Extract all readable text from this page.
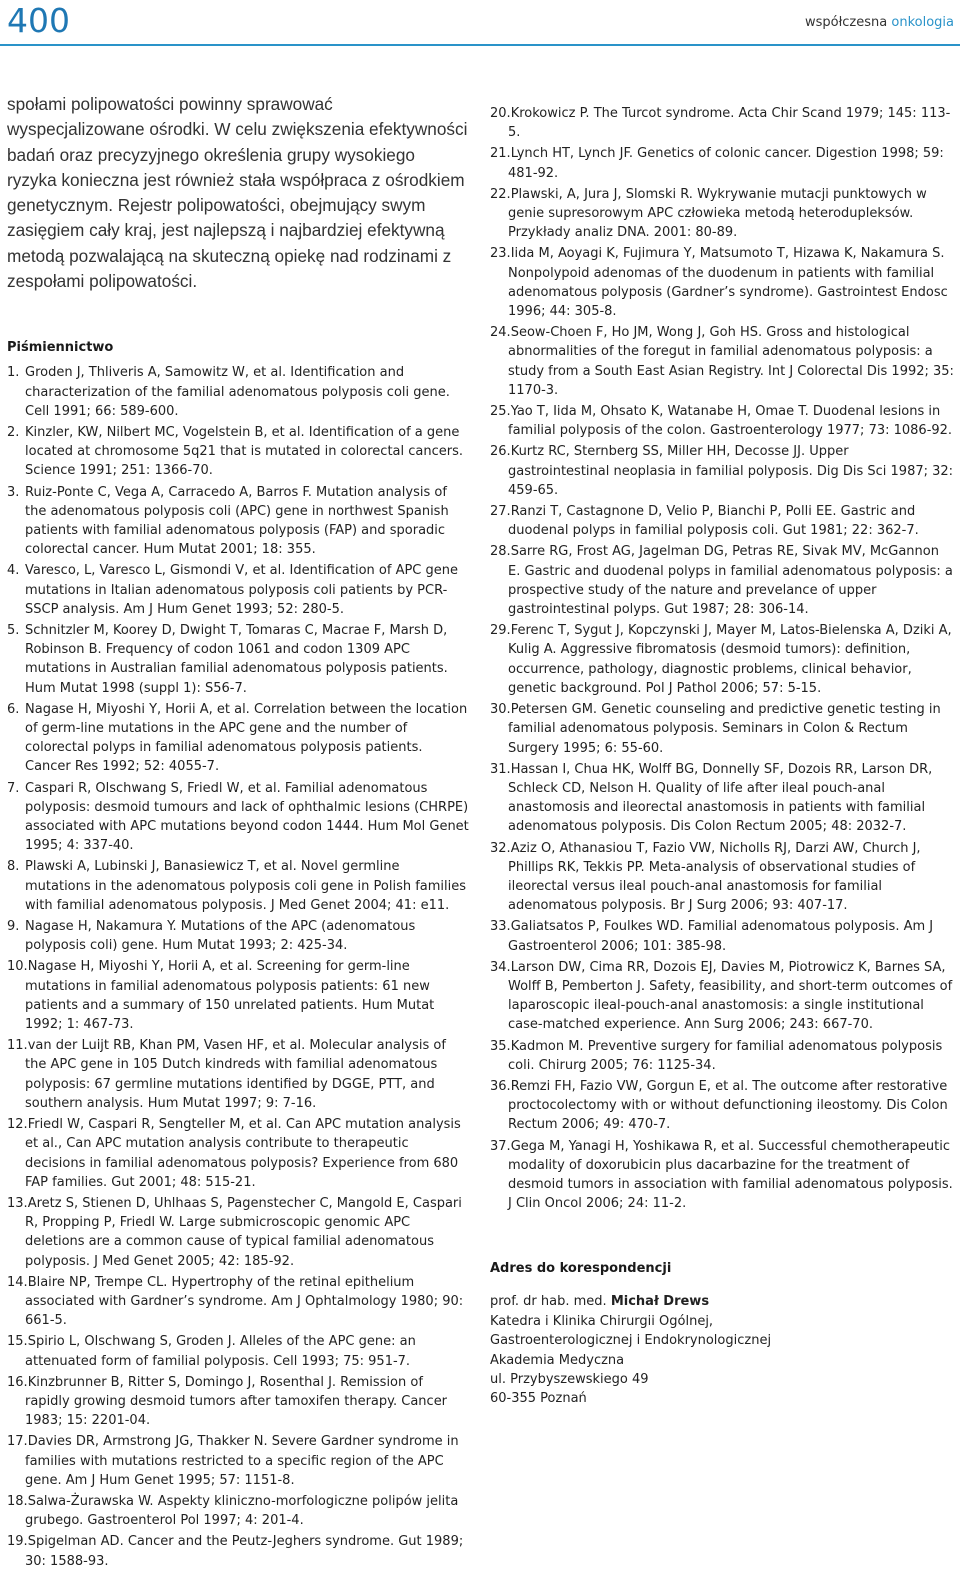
400	współczesna onkologia

społami polipowatości powinny sprawować wyspecjalizowane ośrodki. W celu zwiększenia efektywności badań oraz precyzyjnego określenia grupy wysokiego ryzyka konieczna jest również stała współpraca z ośrodkiem genetycznym. Rejestr polipowatości, obejmujący swym zasięgiem cały kraj, jest najlepszą i najbardziej efektywną metodą pozwalającą na skuteczną opiekę nad rodzinami z zespołami polipowatości.

Piśmiennictwo
1. Groden J, Thliveris A, Samowitz W, et al. Identification and characterization of the familial adenomatous polyposis coli gene. Cell 1991; 66: 589-600.
2. Kinzler, KW, Nilbert MC, Vogelstein B, et al. Identification of a gene located at chromosome 5q21 that is mutated in colorectal cancers. Science 1991; 251: 1366-70.
3. Ruiz-Ponte C, Vega A, Carracedo A, Barros F. Mutation analysis of the adenomatous polyposis coli (APC) gene in northwest Spanish patients with familial adenomatous polyposis (FAP) and sporadic colorectal cancer. Hum Mutat 2001; 18: 355.
4. Varesco, L, Varesco L, Gismondi V, et al. Identification of APC gene mutations in Italian adenomatous polyposis coli patients by PCR-SSCP analysis. Am J Hum Genet 1993; 52: 280-5.
5. Schnitzler M, Koorey D, Dwight T, Tomaras C, Macrae F, Marsh D, Robinson B. Frequency of codon 1061 and codon 1309 APC mutations in Australian familial adenomatous polyposis patients. Hum Mutat 1998 (suppl 1): S56-7.
6. Nagase H, Miyoshi Y, Horii A, et al. Correlation between the location of germ-line mutations in the APC gene and the number of colorectal polyps in familial adenomatous polyposis patients. Cancer Res 1992; 52: 4055-7.
7. Caspari R, Olschwang S, Friedl W, et al. Familial adenomatous polyposis: desmoid tumours and lack of ophthalmic lesions (CHRPE) associated with APC mutations beyond codon 1444. Hum Mol Genet 1995; 4: 337-40.
8. Plawski A, Lubinski J, Banasiewicz T, et al. Novel germline mutations in the adenomatous polyposis coli gene in Polish families with familial adenomatous polyposis. J Med Genet 2004; 41: e11.
9. Nagase H, Nakamura Y. Mutations of the APC (adenomatous polyposis coli) gene. Hum Mutat 1993; 2: 425-34.
10.Nagase H, Miyoshi Y, Horii A, et al. Screening for germ-line mutations in familial adenomatous polyposis patients: 61 new patients and a summary of 150 unrelated patients. Hum Mutat 1992; 1: 467-73.
11.van der Luijt RB, Khan PM, Vasen HF, et al. Molecular analysis of the APC gene in 105 Dutch kindreds with familial adenomatous polyposis: 67 germline mutations identified by DGGE, PTT, and southern analysis. Hum Mutat 1997; 9: 7-16.
12.Friedl W, Caspari R, Sengteller M, et al. Can APC mutation analysis et al., Can APC mutation analysis contribute to therapeutic decisions in familial adenomatous polyposis? Experience from 680 FAP families. Gut 2001; 48: 515-21.
13.Aretz S, Stienen D, Uhlhaas S, Pagenstecher C, Mangold E, Caspari R, Propping P, Friedl W. Large submicroscopic genomic APC deletions are a common cause of typical familial adenomatous polyposis. J Med Genet 2005; 42: 185-92.
14.Blaire NP, Trempe CL. Hypertrophy of the retinal epithelium associated with Gardner’s syndrome. Am J Ophtalmology 1980; 90: 661-5.
15.Spirio L, Olschwang S, Groden J. Alleles of the APC gene: an attenuated form of familial polyposis. Cell 1993; 75: 951-7.
16.Kinzbrunner B, Ritter S, Domingo J, Rosenthal J. Remission of rapidly growing desmoid tumors after tamoxifen therapy. Cancer 1983; 15: 2201-04.
17.Davies DR, Armstrong JG, Thakker N. Severe Gardner syndrome in families with mutations restricted to a specific region of the APC gene. Am J Hum Genet 1995; 57: 1151-8.
18.Salwa-Żurawska W. Aspekty kliniczno-morfologiczne polipów jelita grubego. Gastroenterol Pol 1997; 4: 201-4.
19.Spigelman AD. Cancer and the Peutz-Jeghers syndrome. Gut 1989; 30: 1588-93.
20.Krokowicz P. The Turcot syndrome. Acta Chir Scand 1979; 145: 113-5.
21.Lynch HT, Lynch JF. Genetics of colonic cancer. Digestion 1998; 59: 481-92.
22.Plawski, A, Jura J, Slomski R. Wykrywanie mutacji punktowych w genie supresorowym APC człowieka metodą heterodupleksów. Przykłady analiz DNA. 2001: 80-89.
23.Iida M, Aoyagi K, Fujimura Y, Matsumoto T, Hizawa K, Nakamura S. Nonpolypoid adenomas of the duodenum in patients with familial adenomatous polyposis (Gardner’s syndrome). Gastrointest Endosc 1996; 44: 305-8.
24.Seow-Choen F, Ho JM, Wong J, Goh HS. Gross and histological abnormalities of the foregut in familial adenomatous polyposis: a study from a South East Asian Registry. Int J Colorectal Dis 1992; 35: 1170-3.
25.Yao T, Iida M, Ohsato K, Watanabe H, Omae T. Duodenal lesions in familial polyposis of the colon. Gastroenterology 1977; 73: 1086-92.
26.Kurtz RC, Sternberg SS, Miller HH, Decosse JJ. Upper gastrointestinal neoplasia in familial polyposis. Dig Dis Sci 1987; 32: 459-65.
27.Ranzi T, Castagnone D, Velio P, Bianchi P, Polli EE. Gastric and duodenal polyps in familial polyposis coli. Gut 1981; 22: 362-7.
28.Sarre RG, Frost AG, Jagelman DG, Petras RE, Sivak MV, McGannon E. Gastric and duodenal polyps in familial adenomatous polyposis: a prospective study of the nature and prevelance of upper gastrointestinal polyps. Gut 1987; 28: 306-14.
29.Ferenc T, Sygut J, Kopczynski J, Mayer M, Latos-Bielenska A, Dziki A, Kulig A. Aggressive fibromatosis (desmoid tumors): definition, occurrence, pathology, diagnostic problems, clinical behavior, genetic background. Pol J Pathol 2006; 57: 5-15.
30.Petersen GM. Genetic counseling and predictive genetic testing in familial adenomatous polyposis. Seminars in Colon & Rectum Surgery 1995; 6: 55-60.
31.Hassan I, Chua HK, Wolff BG, Donnelly SF, Dozois RR, Larson DR, Schleck CD, Nelson H. Quality of life after ileal pouch-anal anastomosis and ileorectal anastomosis in patients with familial adenomatous polyposis. Dis Colon Rectum 2005; 48: 2032-7.
32.Aziz O, Athanasiou T, Fazio VW, Nicholls RJ, Darzi AW, Church J, Phillips RK, Tekkis PP. Meta-analysis of observational studies of ileorectal versus ileal pouch-anal anastomosis for familial adenomatous polyposis. Br J Surg 2006; 93: 407-17.
33.Galiatsatos P, Foulkes WD. Familial adenomatous polyposis. Am J Gastroenterol 2006; 101: 385-98.
34.Larson DW, Cima RR, Dozois EJ, Davies M, Piotrowicz K, Barnes SA, Wolff B, Pemberton J. Safety, feasibility, and short-term outcomes of laparoscopic ileal-pouch-anal anastomosis: a single institutional case-matched experience. Ann Surg 2006; 243: 667-70.
35.Kadmon M. Preventive surgery for familial adenomatous polyposis coli. Chirurg 2005; 76: 1125-34.
36.Remzi FH, Fazio VW, Gorgun E, et al. The outcome after restorative proctocolectomy with or without defunctioning ileostomy. Dis Colon Rectum 2006; 49: 470-7.
37.Gega M, Yanagi H, Yoshikawa R, et al. Successful chemotherapeutic modality of doxorubicin plus dacarbazine for the treatment of desmoid tumors in association with familial adenomatous polyposis. J Clin Oncol 2006; 24: 11-2.
Adres do korespondencji
prof. dr hab. med. Michał Drews
Katedra i Klinika Chirurgii Ogólnej,
Gastroenterologicznej i Endokrynologicznej
Akademia Medyczna
ul. Przybyszewskiego 49
60-355 Poznań
